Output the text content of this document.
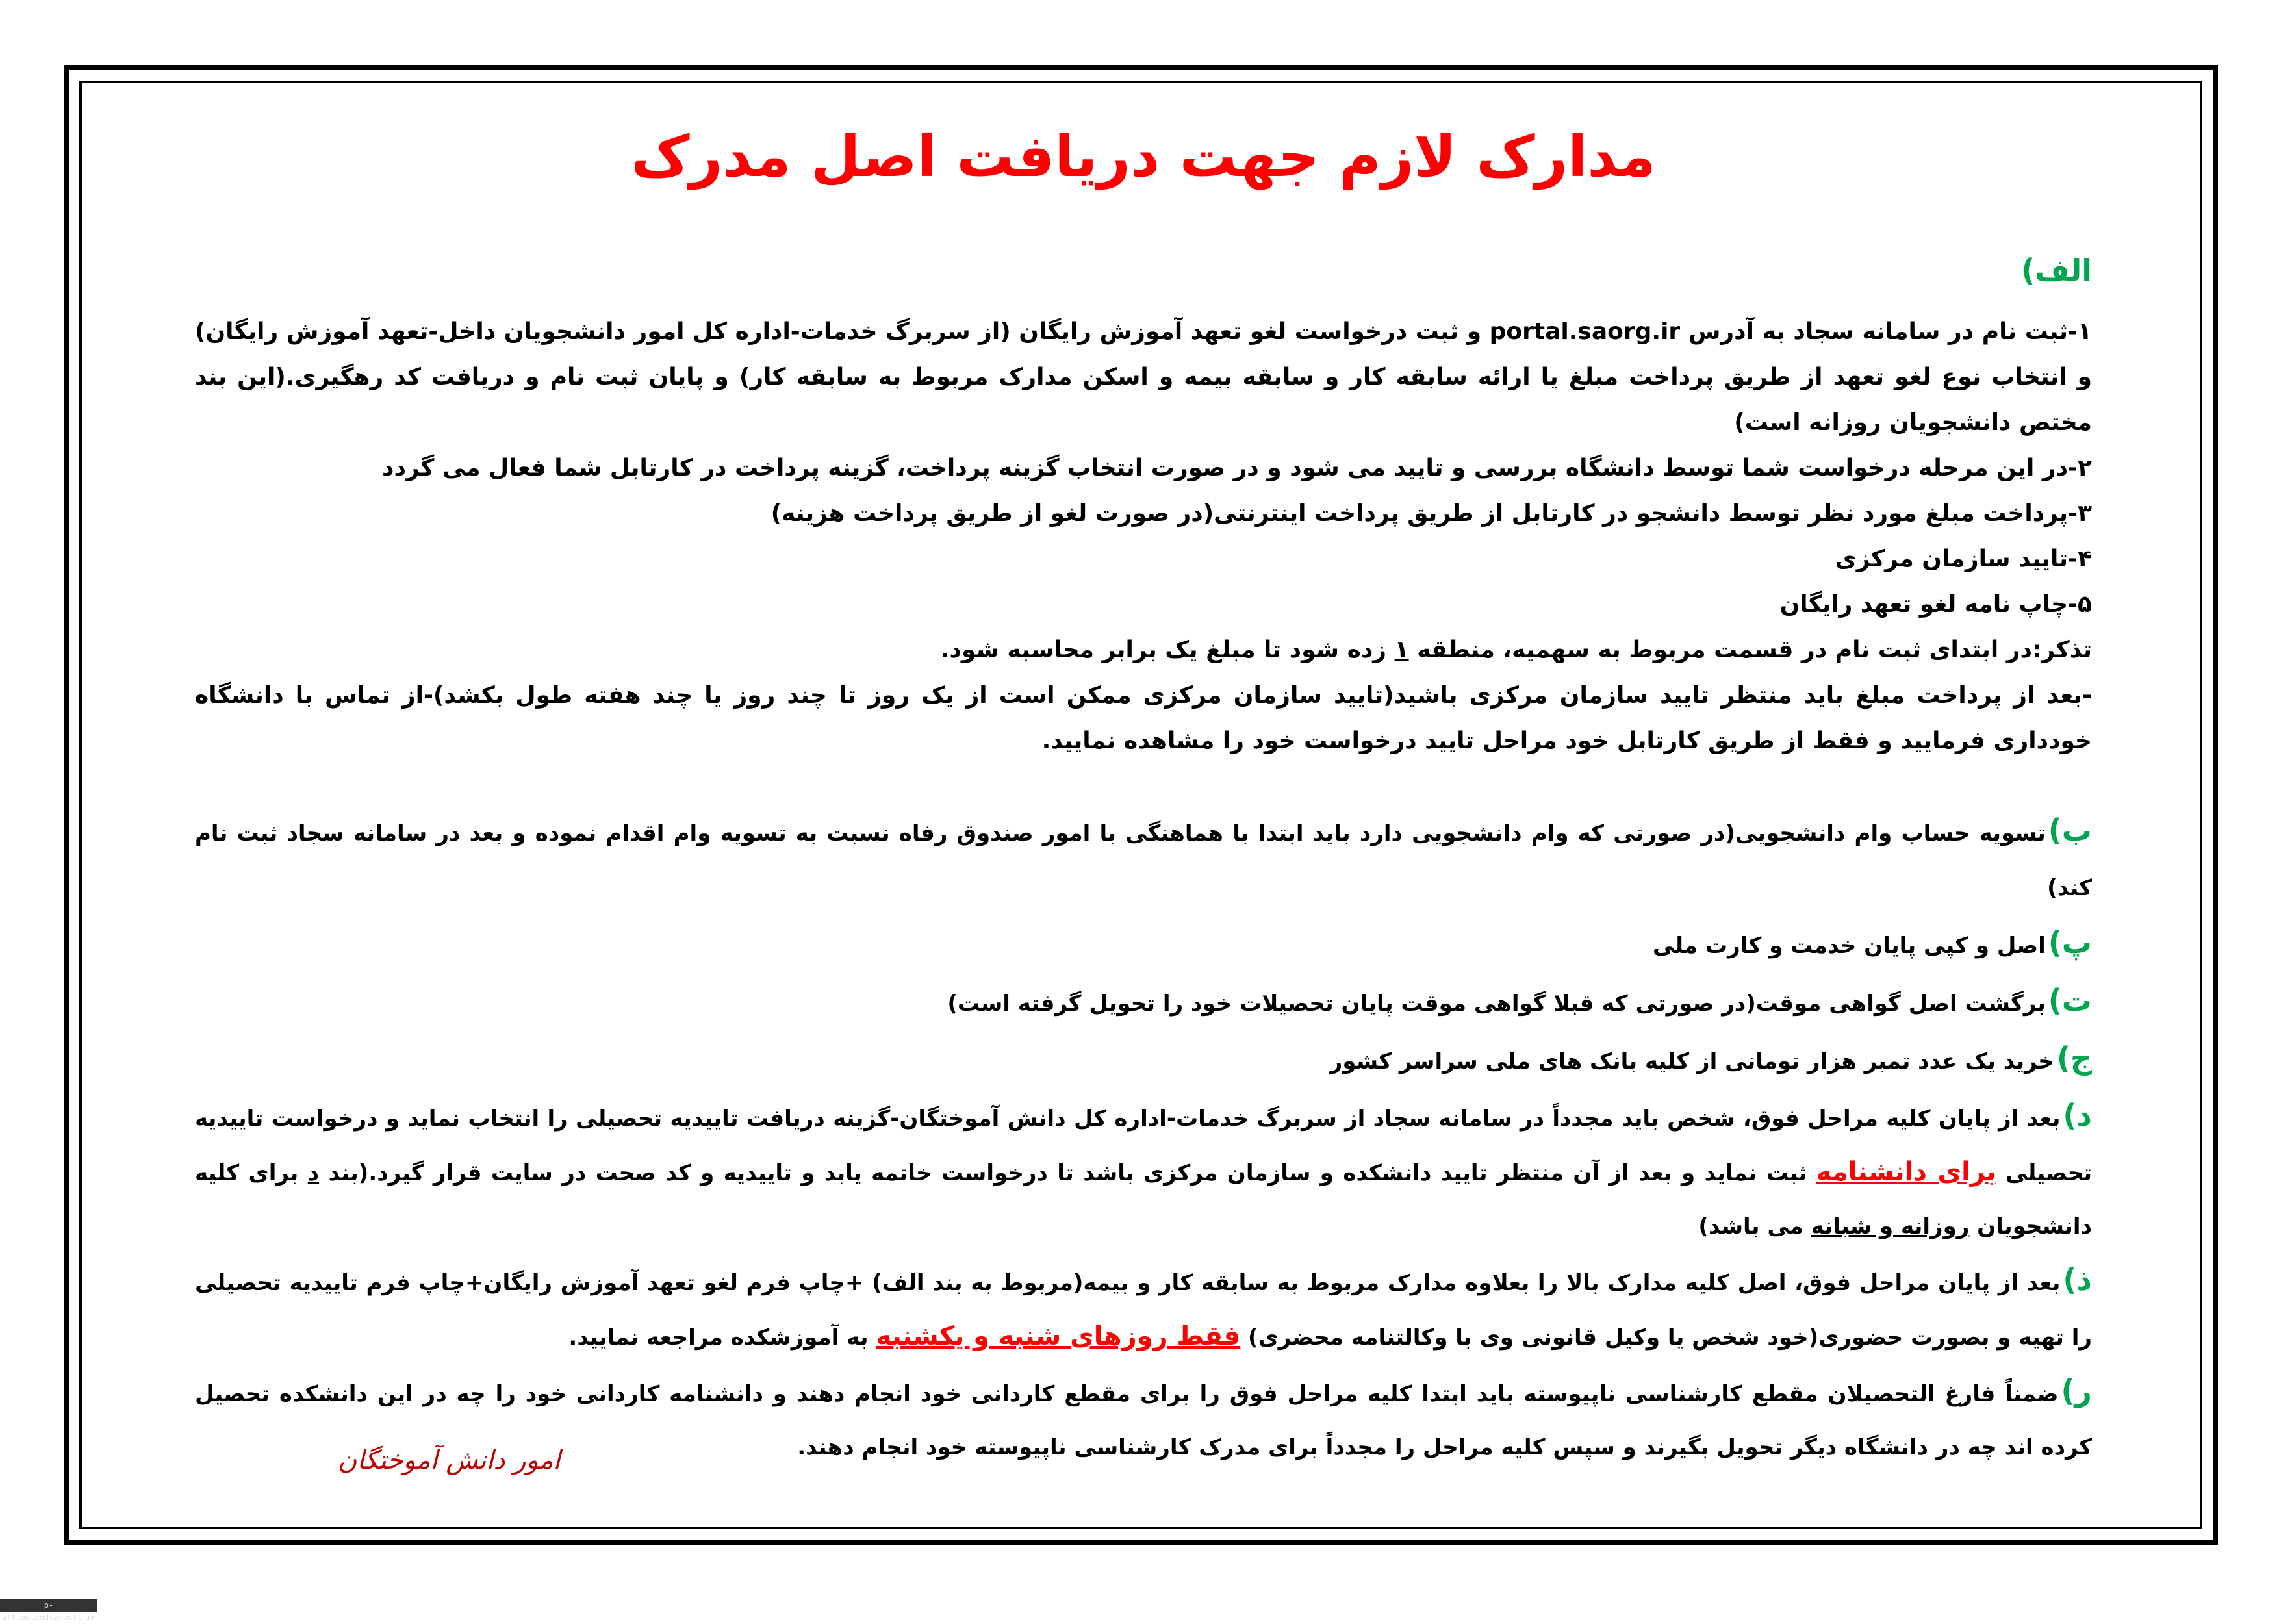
مدارک لازم جهت دریافت اصل مدرک
الف)

۱-ثبت نام در سامانه سجاد به آدرس portal.saorg.ir و ثبت درخواست لغو تعهد آموزش رایگان (از سربرگ خدمات-اداره کل امور دانشجویان داخل-تعهد آموزش رایگان) و انتخاب نوع لغو تعهد از طریق پرداخت مبلغ یا ارائه سابقه کار و سابقه بیمه و اسکن مدارک مربوط به سابقه کار) و پایان ثبت نام و دریافت کد رهگیری.(این بند مختص دانشجویان روزانه است)

۲-در این مرحله درخواست شما توسط دانشگاه بررسی و تایید می شود و در صورت انتخاب گزینه پرداخت، گزینه پرداخت در کارتابل شما فعال می گردد

۳-پرداخت مبلغ مورد نظر توسط دانشجو در کارتابل از طریق پرداخت اینترنتی(در صورت لغو از طریق پرداخت هزینه)

۴-تایید سازمان مرکزی

۵-چاپ نامه لغو تعهد رایگان

تذکر:در ابتدای ثبت نام در قسمت مربوط به سهمیه، منطقه ۱ زده شود تا مبلغ یک برابر محاسبه شود.

-بعد از پرداخت مبلغ باید منتظر تایید سازمان مرکزی باشید(تایید سازمان مرکزی ممکن است از یک روز تا چند روز یا چند هفته طول بکشد)-از تماس با دانشگاه خودداری فرمایید و فقط از طریق کارتابل خود مراحل تایید درخواست خود را مشاهده نمایید.

ب)تسویه حساب وام دانشجویی(در صورتی که وام دانشجویی دارد باید ابتدا با هماهنگی با امور صندوق رفاه نسبت به تسویه وام اقدام نموده و بعد در سامانه سجاد ثبت نام کند)

پ)اصل و کپی پایان خدمت و کارت ملی

ت)برگشت اصل گواهی موقت(در صورتی که قبلا گواهی موقت پایان تحصیلات خود را تحویل گرفته است)

ج)خرید یک عدد تمبر هزار تومانی از کلیه بانک های ملی سراسر کشور

د)بعد از پایان کلیه مراحل فوق، شخص باید مجدداً در سامانه سجاد از سربرگ خدمات-اداره کل دانش آموختگان-گزینه دریافت تاییدیه تحصیلی را انتخاب نماید و درخواست تاییدیه تحصیلی برای دانشنامه ثبت نماید و بعد از آن منتظر تایید دانشکده و سازمان مرکزی باشد تا درخواست خاتمه یابد و تاییدیه و کد صحت در سایت قرار گیرد.(بند د برای کلیه دانشجویان روزانه و شبانه می باشد)

ذ)بعد از پایان مراحل فوق، اصل کلیه مدارک بالا را بعلاوه مدارک مربوط به سابقه کار و بیمه(مربوط به بند الف) +چاپ فرم لغو تعهد آموزش رایگان+چاپ فرم تاییدیه تحصیلی را تهیه و بصورت حضوری(خود شخص یا وکیل قانونی وی با وکالتنامه محضری) فقط روزهای شنبه و یکشنبه به آموزشکده مراجعه نمایید.

ر)ضمناً فارغ التحصیلان مقطع کارشناسی ناپیوسته باید ابتدا کلیه مراحل فوق را برای مقطع کاردانی خود انجام دهند و دانشنامه کاردانی خود را چه در این دانشکده تحصیل کرده اند چه در دانشگاه دیگر تحویل بگیرند و سپس کلیه مراحل را مجدداً برای مدرک کارشناسی ناپیوسته خود انجام دهند.

امور دانش آموختگان
p-alltoolbedtaroofl.ir
